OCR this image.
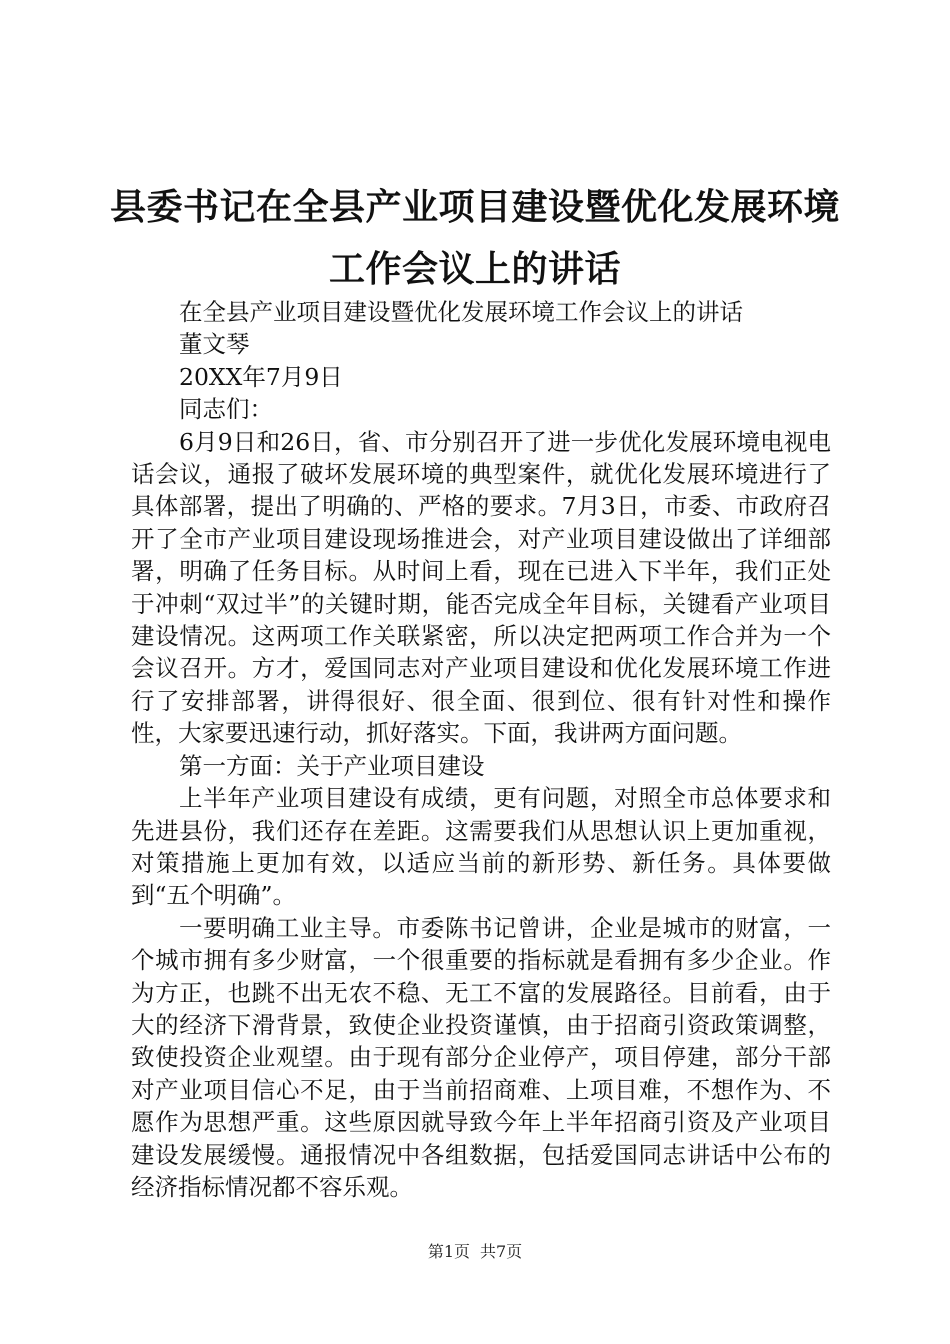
县委书记在全县产业项目建设暨优化发展环境
工作会议上的讲话

在全县产业项目建设暨优化发展环境工作会议上的讲话

董文琴

20XX年7月9日

同志们：

6月9日和26日，省、市分别召开了进一步优化发展环境电视电话会议，通报了破坏发展环境的典型案件，就优化发展环境进行了具体部署，提出了明确的、严格的要求。7月3日，市委、市政府召开了全市产业项目建设现场推进会，对产业项目建设做出了详细部署，明确了任务目标。从时间上看，现在已进入下半年，我们正处于冲刺“双过半”的关键时期，能否完成全年目标，关键看产业项目建设情况。这两项工作关联紧密，所以决定把两项工作合并为一个会议召开。方才，爱国同志对产业项目建设和优化发展环境工作进行了安排部署，讲得很好、很全面、很到位、很有针对性和操作性，大家要迅速行动，抓好落实。下面，我讲两方面问题。

第一方面：关于产业项目建设

上半年产业项目建设有成绩，更有问题，对照全市总体要求和先进县份，我们还存在差距。这需要我们从思想认识上更加重视，对策措施上更加有效，以适应当前的新形势、新任务。具体要做到“五个明确”。

一要明确工业主导。市委陈书记曾讲，企业是城市的财富，一个城市拥有多少财富，一个很重要的指标就是看拥有多少企业。作为方正，也跳不出无农不稳、无工不富的发展路径。目前看，由于大的经济下滑背景，致使企业投资谨慎，由于招商引资政策调整，致使投资企业观望。由于现有部分企业停产，项目停建，部分干部对产业项目信心不足，由于当前招商难、上项目难，不想作为、不愿作为思想严重。这些原因就导致今年上半年招商引资及产业项目建设发展缓慢。通报情况中各组数据，包括爱国同志讲话中公布的经济指标情况都不容乐观。

第1页 共7页
